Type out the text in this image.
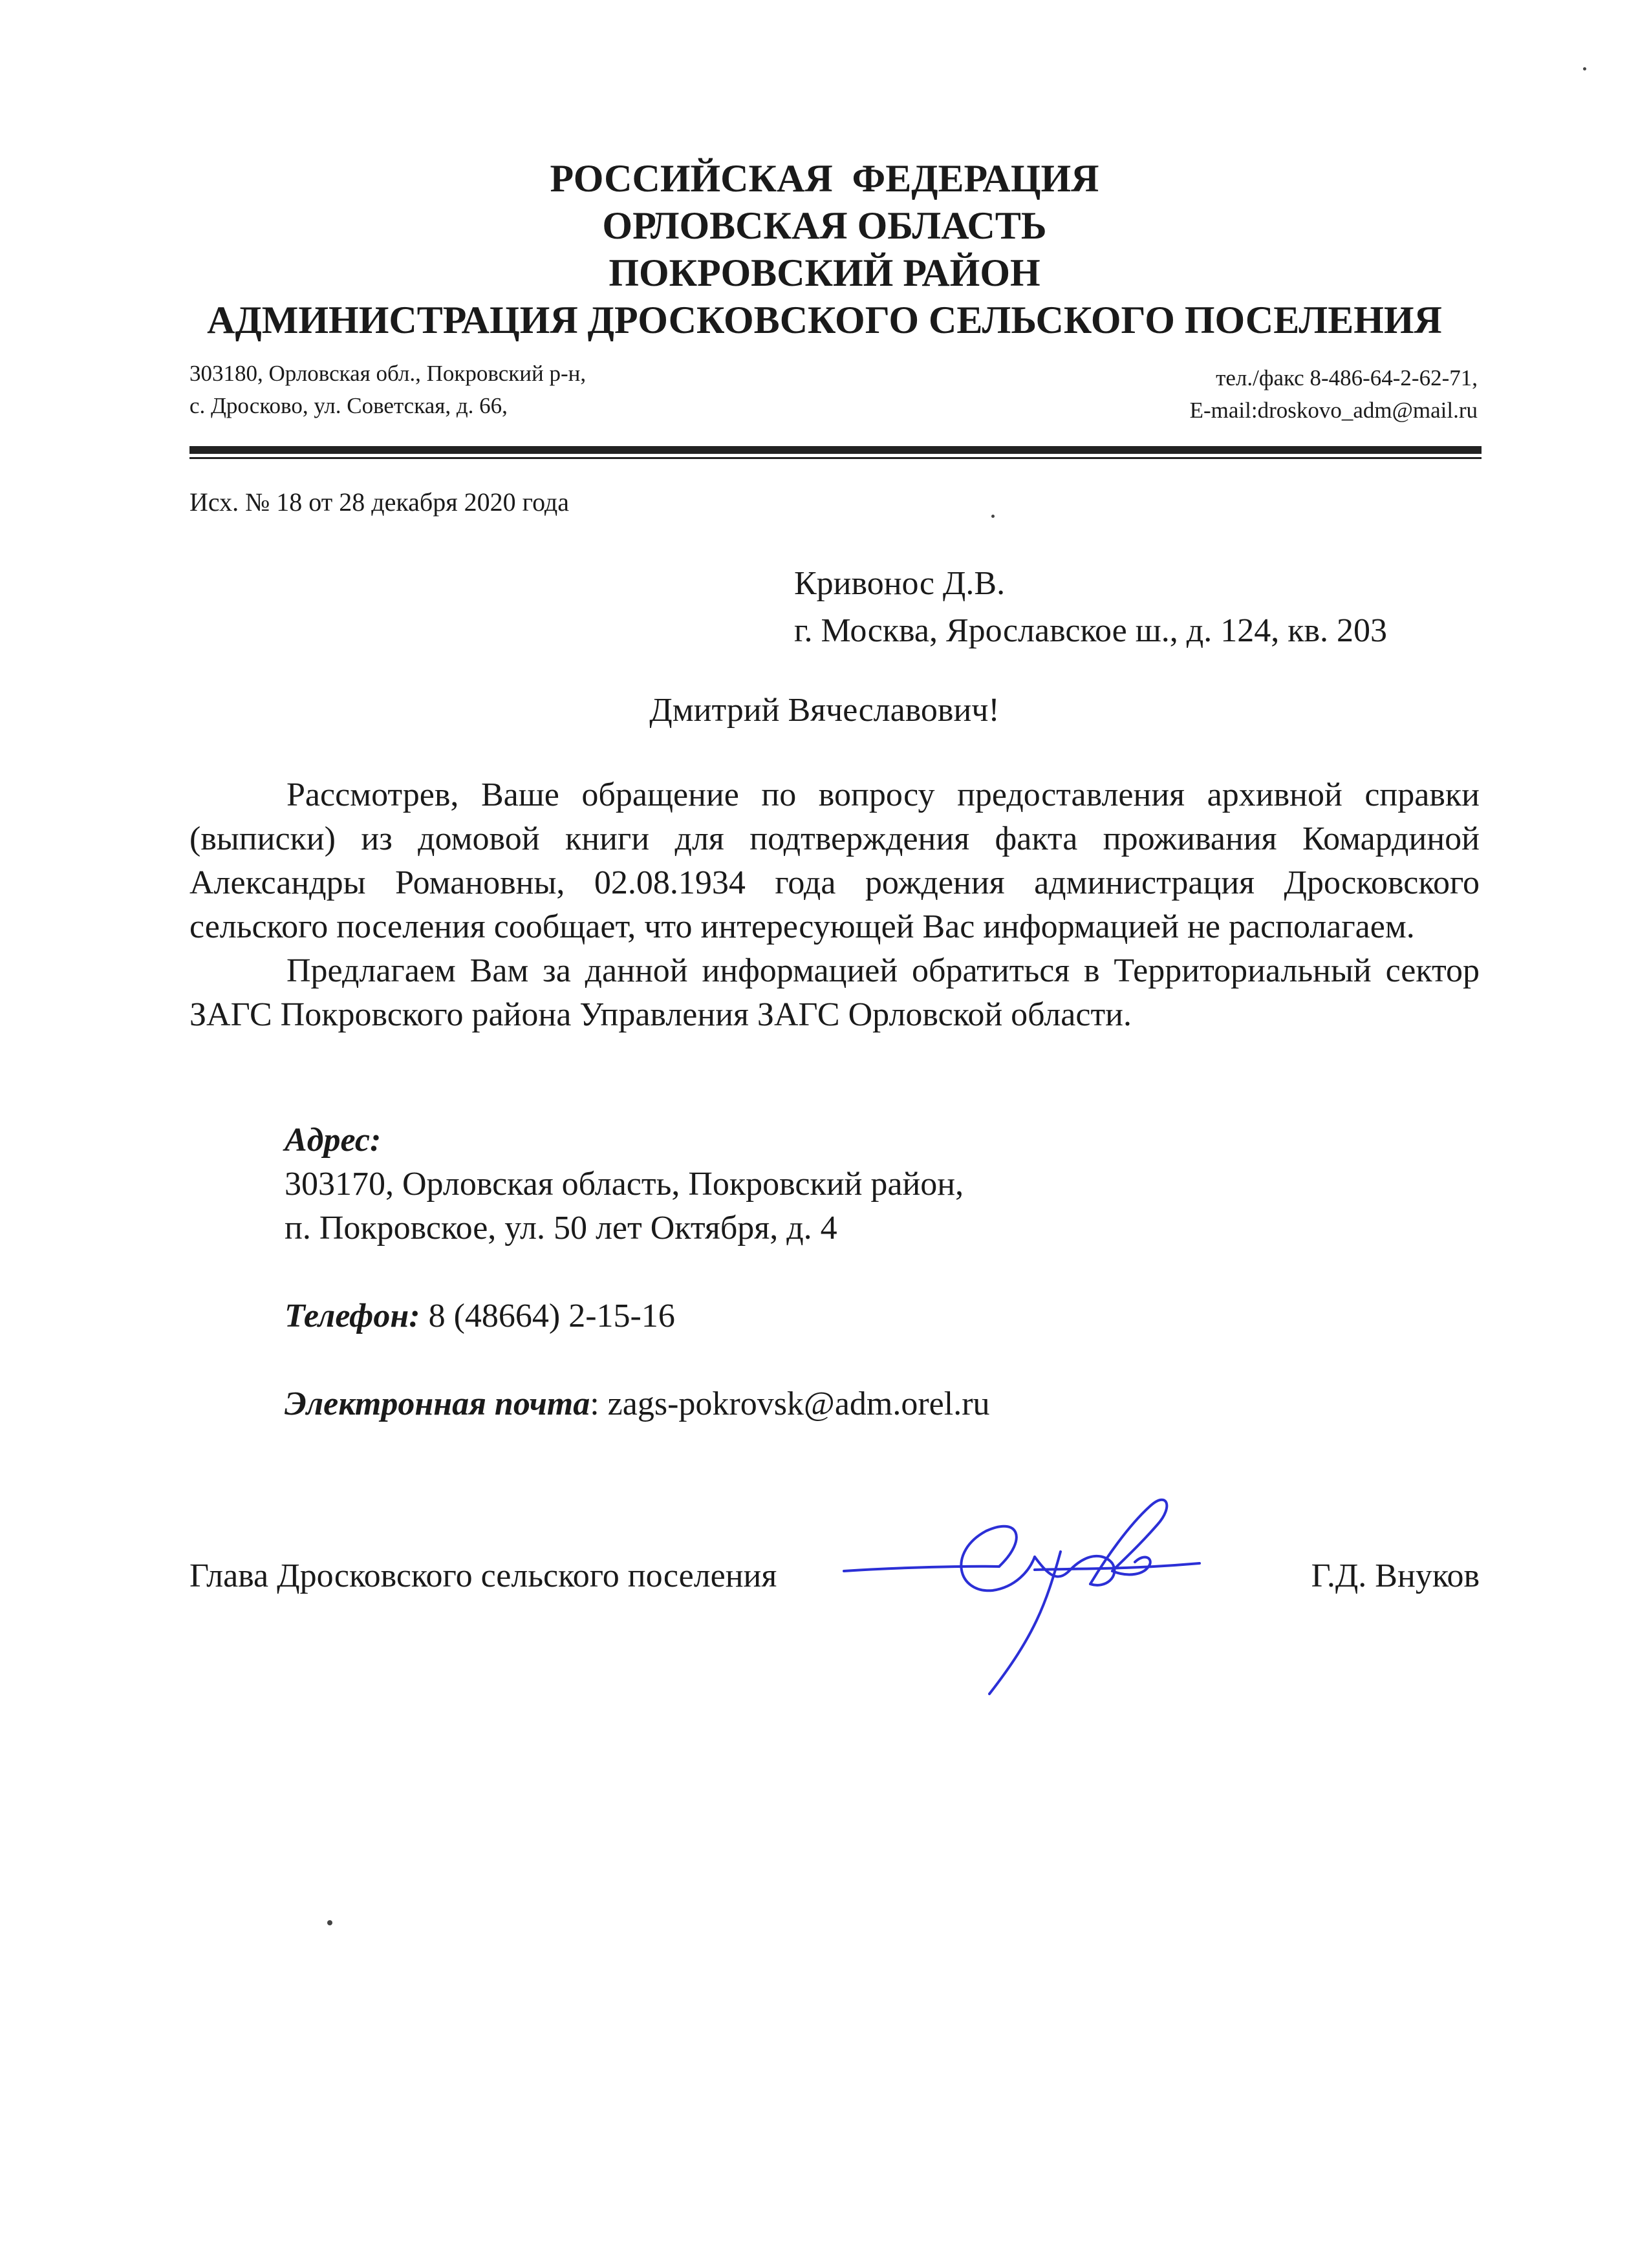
РОССИЙСКАЯ  ФЕДЕРАЦИЯ
ОРЛОВСКАЯ ОБЛАСТЬ
ПОКРОВСКИЙ РАЙОН
АДМИНИСТРАЦИЯ ДРОСКОВСКОГО СЕЛЬСКОГО ПОСЕЛЕНИЯ
303180, Орловская обл., Покровский р-н,
с. Дросково, ул. Советская, д. 66,
тел./факс 8-486-64-2-62-71,
E-mail:droskovo_adm@mail.ru
Исх. № 18 от 28 декабря 2020 года
Кривонос Д.В.
г. Москва, Ярославское ш., д. 124, кв. 203
Дмитрий Вячеславович!

Рассмотрев, Ваше обращение по вопросу предоставления архивной справки (выписки) из домовой книги для подтверждения факта проживания Комардиной Александры Романовны, 02.08.1934 года рождения администрация Дросковского сельского поселения сообщает, что интересующей Вас информацией не располагаем.

Предлагаем Вам за данной информацией обратиться в Территориальный сектор ЗАГС Покровского района Управления ЗАГС Орловской области.

Адрес:
303170, Орловская область, Покровский район,
п. Покровское, ул. 50 лет Октября, д. 4
Телефон: 8 (48664) 2-15-16
Электронная почта: zags-pokrovsk@adm.orel.ru
Глава Дросковского сельского поселения	Г.Д. Внуков
